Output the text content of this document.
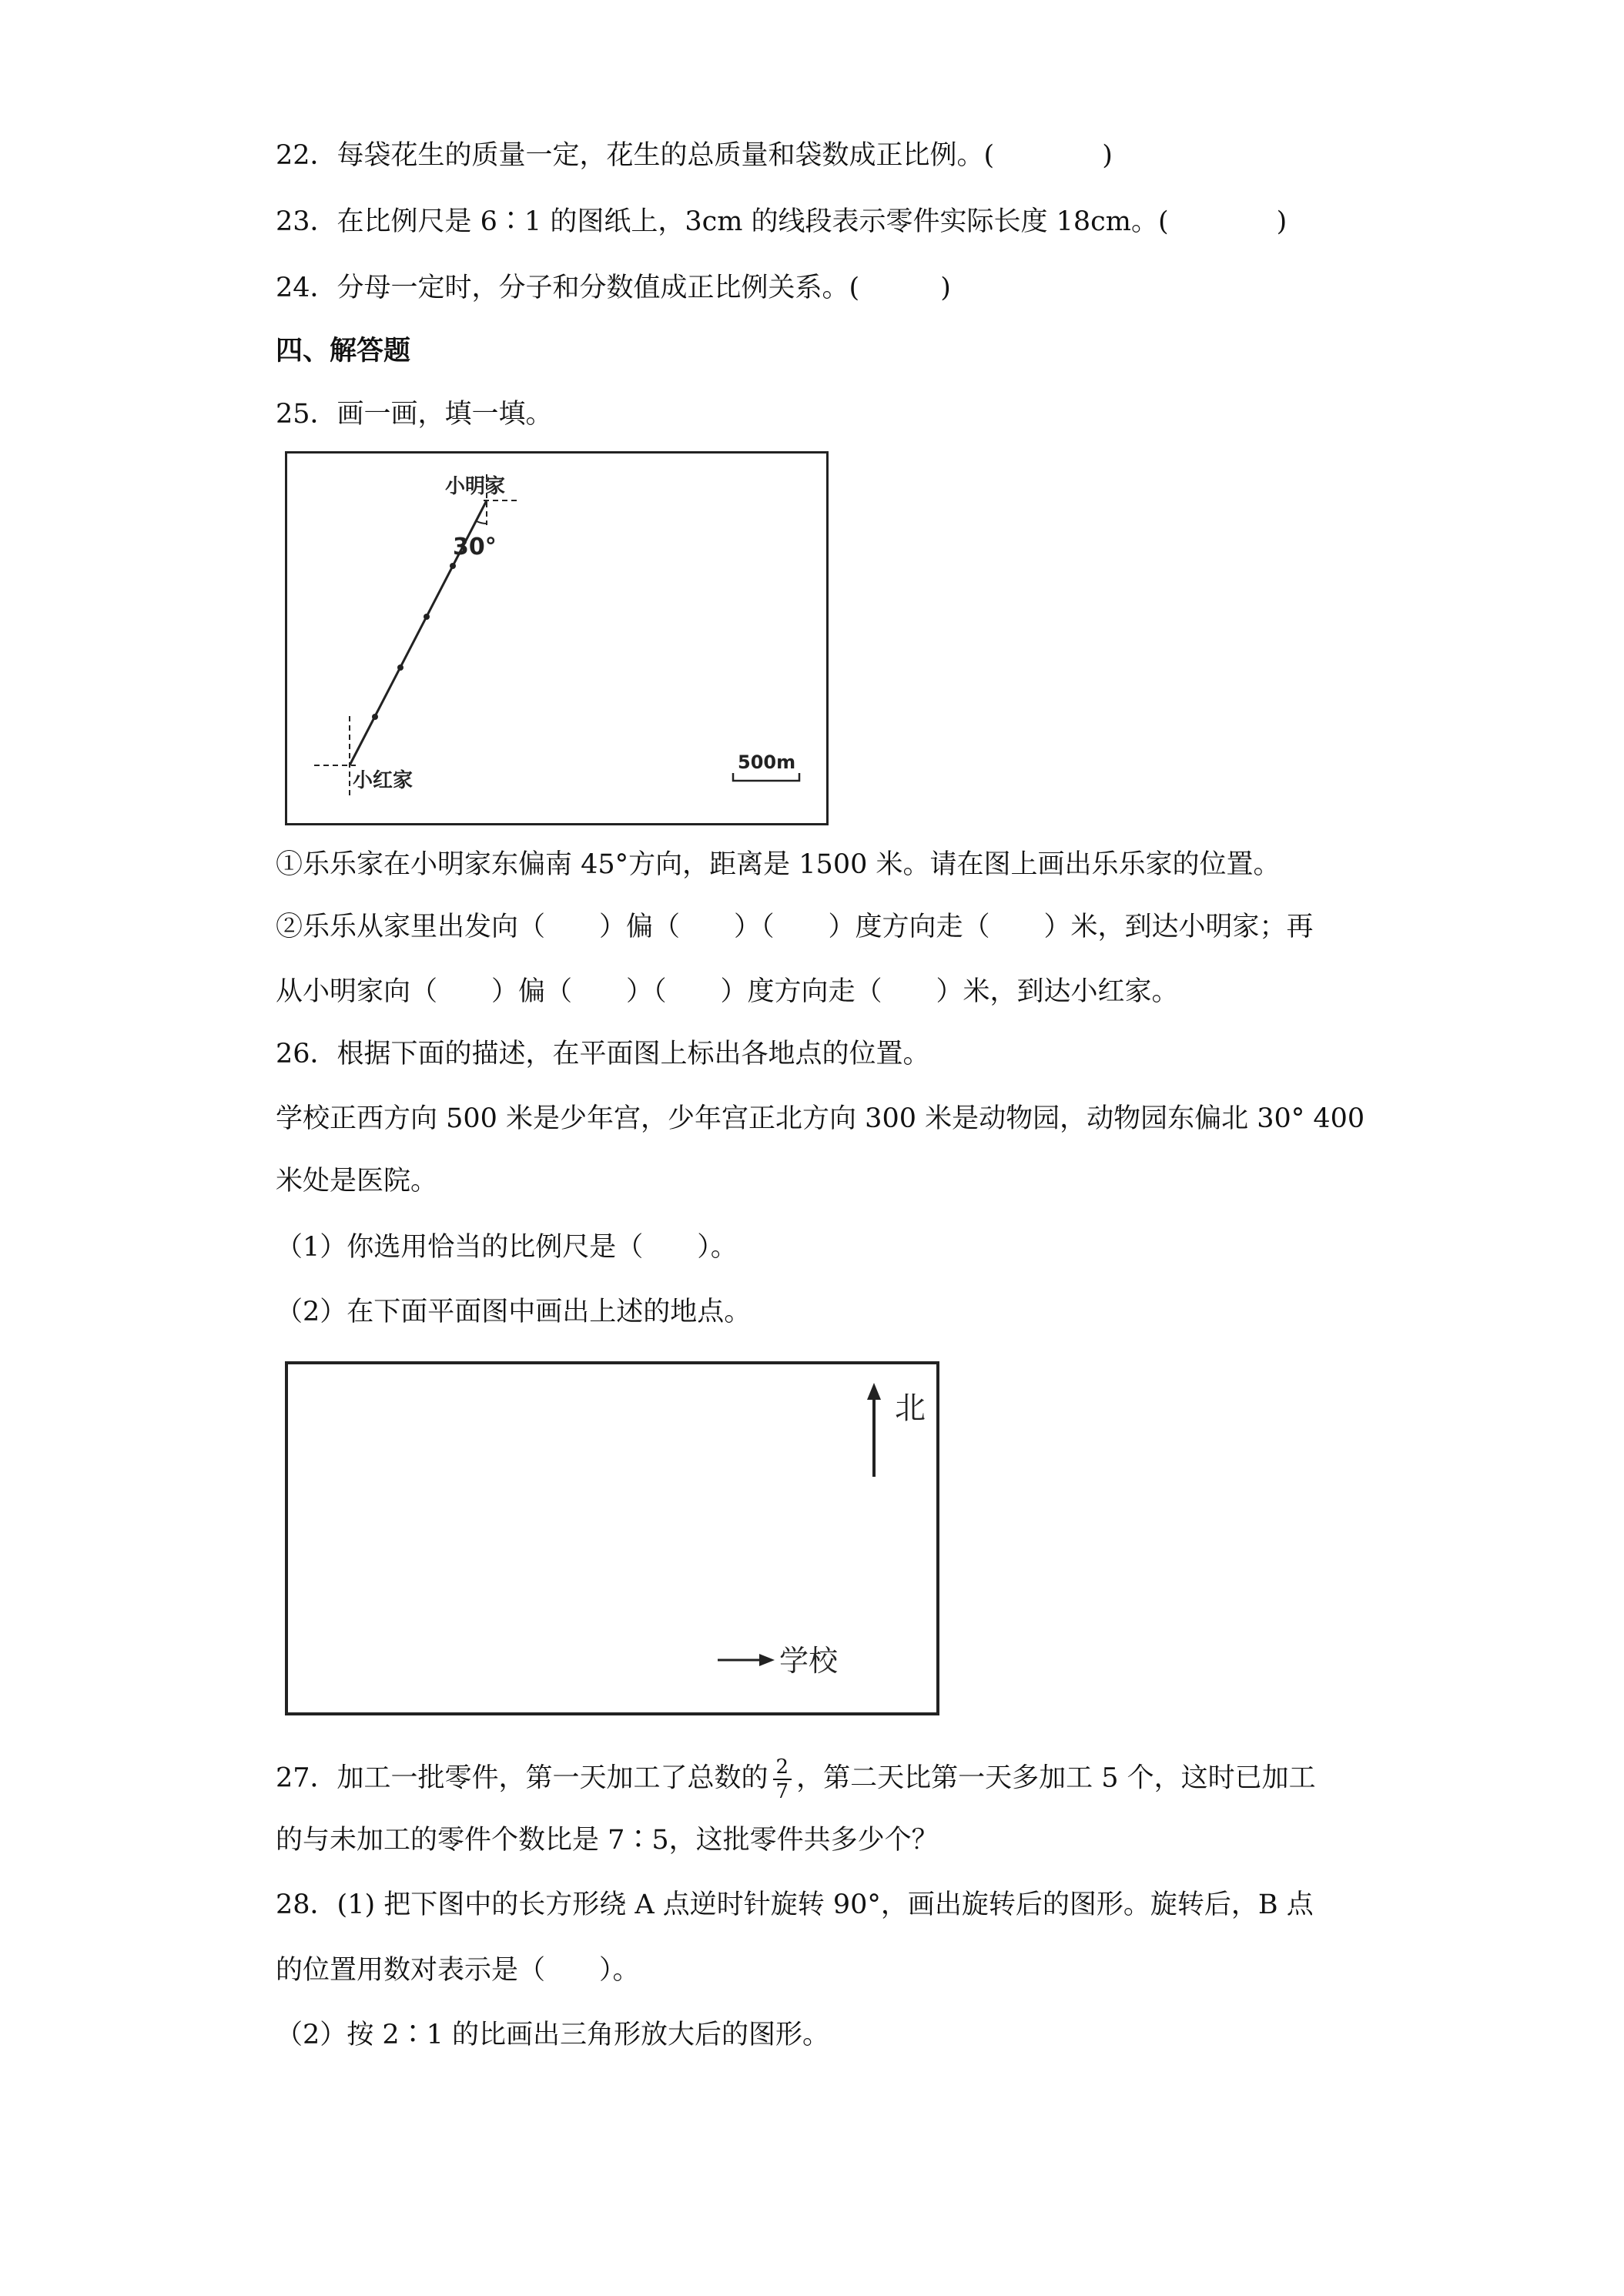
22．每袋花生的质量一定，花生的总质量和袋数成正比例。(　　　　)
23．在比例尺是 6∶1 的图纸上，3cm 的线段表示零件实际长度 18cm。(　　　　)
24．分母一定时，分子和分数值成正比例关系。(　　　)
四、解答题
25．画一画，填一填。
小明家
30°
小红家
500m
①乐乐家在小明家东偏南 45°方向，距离是 1500 米。请在图上画出乐乐家的位置。
②乐乐从家里出发向（　　）偏（　　）（　　）度方向走（　　）米，到达小明家；再
从小明家向（　　）偏（　　）（　　）度方向走（　　）米，到达小红家。
26．根据下面的描述，在平面图上标出各地点的位置。
学校正西方向 500 米是少年宫，少年宫正北方向 300 米是动物园，动物园东偏北 30° 400
米处是医院。
（1）你选用恰当的比例尺是（　　）。
（2）在下面平面图中画出上述的地点。
北
学校
27．加工一批零件，第一天加工了总数的 $\frac{2}{7}$ ，第二天比第一天多加工 5 个，这时已加工
的与未加工的零件个数比是 7∶5，这批零件共多少个？
28．(1) 把下图中的长方形绕 A 点逆时针旋转 90°，画出旋转后的图形。旋转后，B 点
的位置用数对表示是（　　）。
（2）按 2∶1 的比画出三角形放大后的图形。
